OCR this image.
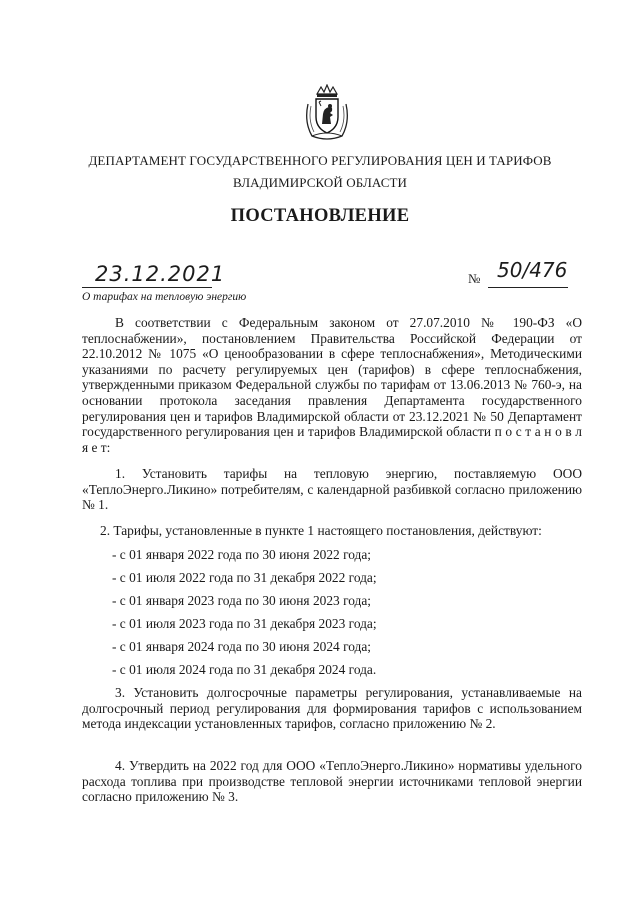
ДЕПАРТАМЕНТ ГОСУДАРСТВЕННОГО РЕГУЛИРОВАНИЯ ЦЕН И ТАРИФОВ
ВЛАДИМИРСКОЙ ОБЛАСТИ
ПОСТАНОВЛЕНИЕ
23.12.2021	№ 50/476
О тарифах на тепловую энергию
В соответствии с Федеральным законом от 27.07.2010 № 190-ФЗ «О теплоснабжении», постановлением Правительства Российской Федерации от 22.10.2012 № 1075 «О ценообразовании в сфере теплоснабжения», Методическими указаниями по расчету регулируемых цен (тарифов) в сфере теплоснабжения, утвержденными приказом Федеральной службы по тарифам от 13.06.2013 № 760-э, на основании протокола заседания правления Департамента государственного регулирования цен и тарифов Владимирской области от 23.12.2021 № 50 Департамент государственного регулирования цен и тарифов Владимирской области п о с т а н о в л я е т:
1. Установить тарифы на тепловую энергию, поставляемую ООО «ТеплоЭнерго.Ликино» потребителям, с календарной разбивкой согласно приложению № 1.
2. Тарифы, установленные в пункте 1 настоящего постановления, действуют:
- с 01 января 2022 года по 30 июня 2022 года;
- с 01 июля 2022 года по 31 декабря 2022 года;
- с 01 января 2023 года по 30 июня 2023 года;
- с 01 июля 2023 года по 31 декабря 2023 года;
- с 01 января 2024 года по 30 июня 2024 года;
- с 01 июля 2024 года по 31 декабря 2024 года.
3. Установить долгосрочные параметры регулирования, устанавливаемые на долгосрочный период регулирования для формирования тарифов с использованием метода индексации установленных тарифов, согласно приложению № 2.
4. Утвердить на 2022 год для ООО «ТеплоЭнерго.Ликино» нормативы удельного расхода топлива при производстве тепловой энергии источниками тепловой энергии согласно приложению № 3.
